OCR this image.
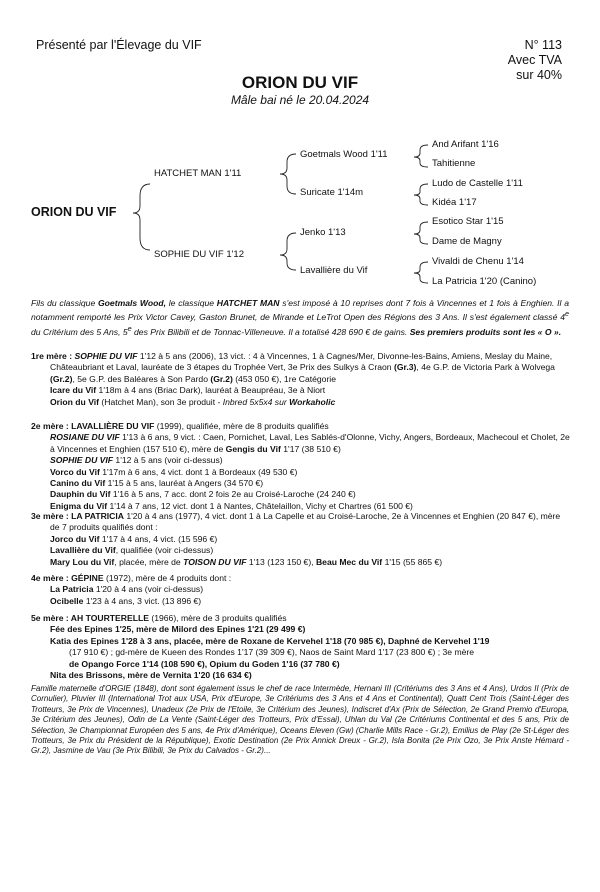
Présenté par l'Élevage du VIF	N° 113
Avec TVA
sur 40%
ORION DU VIF
Mâle bai né le 20.04.2024
ORION DU VIF
HATCHET MAN 1'11
SOPHIE DU VIF 1'12
Goetmals Wood 1'11
Suricate 1'14m
Jenko 1'13
Lavallière du Vif
And Arifant 1'16
Tahitienne
Ludo de Castelle 1'11
Kidéa 1'17
Esotico Star 1'15
Dame de Magny
Vivaldi de Chenu 1'14
La Patricia 1'20 (Canino)
Fils du classique Goetmals Wood, le classique HATCHET MAN s'est imposé à 10 reprises dont 7 fois à Vincennes et 1 fois à Enghien. Il a notamment remporté les Prix Victor Cavey, Gaston Brunet, de Mirande et LeTrot Open des Régions des 3 Ans. Il s'est également classé 4e du Critérium des 5 Ans, 5e des Prix Bilibili et de Tonnac-Villeneuve. Il a totalisé 428 690 € de gains. Ses premiers produits sont les « O ».
1re mère : SOPHIE DU VIF 1'12 à 5 ans (2006), 13 vict. : 4 à Vincennes, 1 à Cagnes/Mer, Divonne-les-Bains, Amiens, Meslay du Maine, Châteaubriant et Laval, lauréate de 3 étapes du Trophée Vert, 3e Prix des Sulkys à Craon (Gr.3), 4e G.P. de Victoria Park à Wolvega (Gr.2), 5e G.P. des Baléares à Son Pardo (Gr.2) (453 050 €), 1re Catégorie
Icare du Vif 1'18m à 4 ans (Briac Dark), lauréat à Beaupréau, 3e à Niort
Orion du Vif (Hatchet Man), son 3e produit - Inbred 5x5x4 sur Workaholic
2e mère : LAVALLIÈRE DU VIF (1999), qualifiée, mère de 8 produits qualifiés
ROSIANE DU VIF 1'13 à 6 ans, 9 vict. : Caen, Pornichet, Laval, Les Sablés-d'Olonne, Vichy, Angers, Bordeaux, Machecoul et Cholet, 2e à Vincennes et Enghien (157 510 €), mère de Gengis du Vif 1'17 (38 510 €)
SOPHIE DU VIF 1'12 à 5 ans (voir ci-dessus)
Vorco du Vif 1'17m à 6 ans, 4 vict. dont 1 à Bordeaux (49 530 €)
Canino du Vif 1'15 à 5 ans, lauréat à Angers (34 570 €)
Dauphin du Vif 1'16 à 5 ans, 7 acc. dont 2 fois 2e au Croisé-Laroche (24 240 €)
Enigma du Vif 1'14 à 7 ans, 12 vict. dont 1 à Nantes, Châtelaillon, Vichy et Chartres (61 500 €)
3e mère : LA PATRICIA 1'20 à 4 ans (1977), 4 vict. dont 1 à La Capelle et au Croisé-Laroche, 2e à Vincennes et Enghien (20 847 €), mère de 7 produits qualifiés dont :
Jorco du Vif 1'17 à 4 ans, 4 vict. (15 596 €)
Lavallière du Vif, qualifiée (voir ci-dessus)
Mary Lou du Vif, placée, mère de TOISON DU VIF 1'13 (123 150 €), Beau Mec du Vif 1'15 (55 865 €)
4e mère : GÉPINE (1972), mère de 4 produits dont :
La Patricia 1'20 à 4 ans (voir ci-dessus)
Ocibelle 1'23 à 4 ans, 3 vict. (13 896 €)
5e mère : AH TOURTERELLE (1966), mère de 3 produits qualifiés
Fée des Epines 1'25, mère de Milord des Epines 1'21 (29 499 €)
Katia des Epines 1'28 à 3 ans, placée, mère de Roxane de Kervehel 1'18 (70 985 €), Daphné de Kervehel 1'19
(17 910 €) ; gd-mère de Kueen des Rondes 1'17 (39 309 €), Naos de Saint Mard 1'17 (23 800 €) ; 3e mère
de Opango Force 1'14 (108 590 €), Opium du Goden 1'16 (37 780 €)
Nita des Brissons, mère de Vernita 1'20 (16 634 €)
Famille maternelle d'ORGIE (1848), dont sont également issus le chef de race Intermède, Hernani III (Critériums des 3 Ans et 4 Ans), Urdos II (Prix de Cornulier), Pluvier III (International Trot aux USA, Prix d'Europe, 3e Critériums des 3 Ans et 4 Ans et Continental), Quatt Cent Trois (Saint-Léger des Trotteurs, 3e Prix de Vincennes), Unadeux (2e Prix de l'Etoile, 3e Critérium des Jeunes), Indiscret d'Ax (Prix de Sélection, 2e Grand Premio d'Europa, 3e Critérium des Jeunes), Odin de La Vente (Saint-Léger des Trotteurs, Prix d'Essai), Uhlan du Val (2e Critériums Continental et des 5 ans, Prix de Sélection, 3e Championnat Européen des 5 ans, 4e Prix d'Amérique), Oceans Eleven (Gw) (Charlie Mills Race - Gr.2), Emilius de Play (2e St-Léger des Trotteurs, 3e Prix du Président de la République), Exotic Destination (2e Prix Annick Dreux - Gr.2), Isla Bonita (2e Prix Ozo, 3e Prix Anste Hémard - Gr.2), Jasmine de Vau (3e Prix Bilibili, 3e Prix du Calvados - Gr.2)...
